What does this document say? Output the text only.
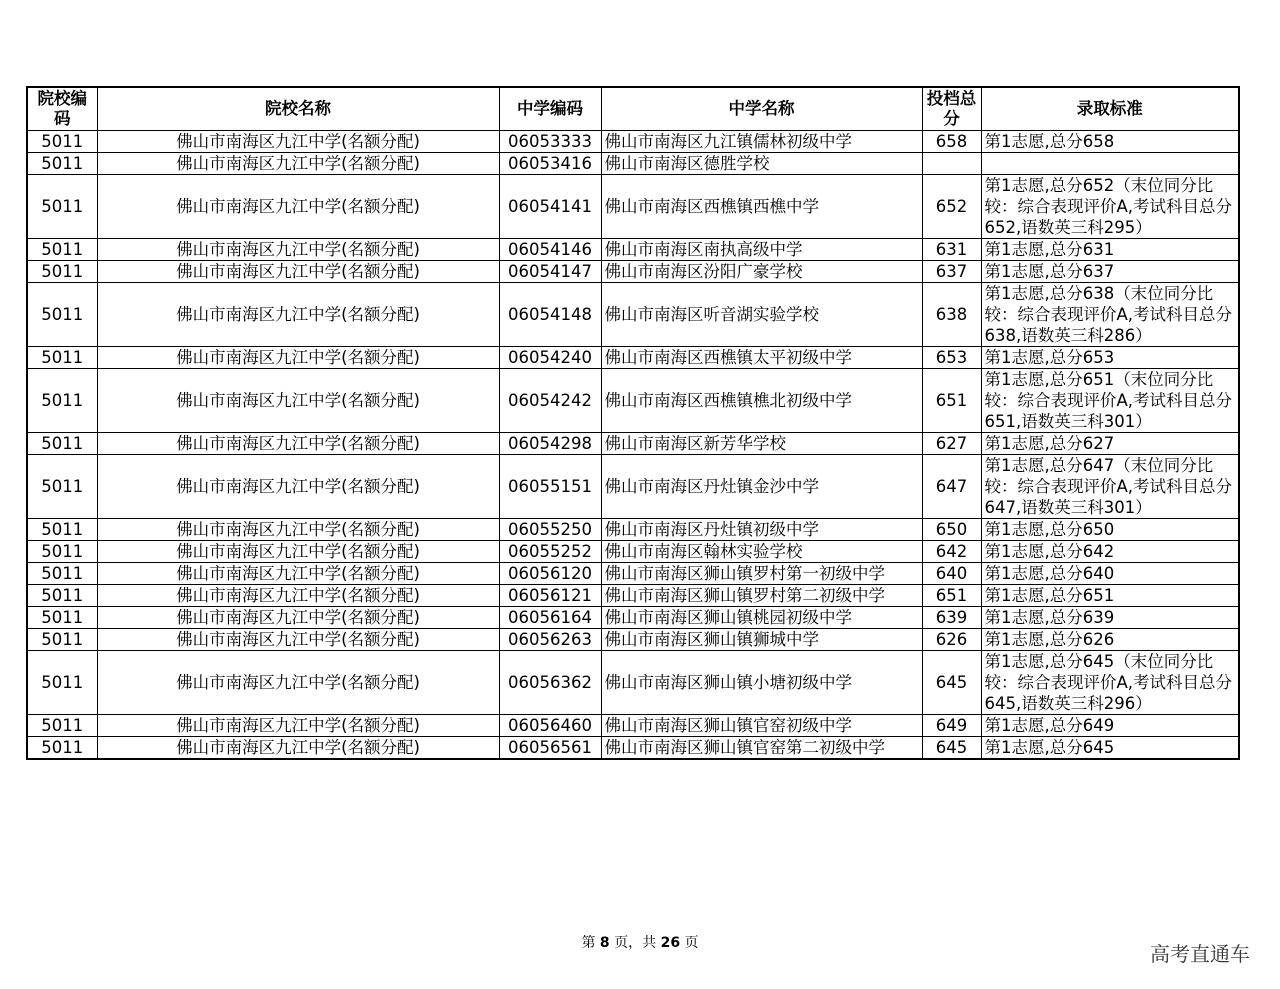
院校编码	院校名称	中学编码	中学名称	投档总分	录取标准
5011	佛山市南海区九江中学(名额分配)	06053333	佛山市南海区九江镇儒林初级中学	658	第1志愿,总分658
5011	佛山市南海区九江中学(名额分配)	06053416	佛山市南海区德胜学校		
5011	佛山市南海区九江中学(名额分配)	06054141	佛山市南海区西樵镇西樵中学	652	第1志愿,总分652（末位同分比较：综合表现评价A,考试科目总分652,语数英三科295）
5011	佛山市南海区九江中学(名额分配)	06054146	佛山市南海区南执高级中学	631	第1志愿,总分631
5011	佛山市南海区九江中学(名额分配)	06054147	佛山市南海区汾阳广豪学校	637	第1志愿,总分637
5011	佛山市南海区九江中学(名额分配)	06054148	佛山市南海区听音湖实验学校	638	第1志愿,总分638（末位同分比较：综合表现评价A,考试科目总分638,语数英三科286）
5011	佛山市南海区九江中学(名额分配)	06054240	佛山市南海区西樵镇太平初级中学	653	第1志愿,总分653
5011	佛山市南海区九江中学(名额分配)	06054242	佛山市南海区西樵镇樵北初级中学	651	第1志愿,总分651（末位同分比较：综合表现评价A,考试科目总分651,语数英三科301）
5011	佛山市南海区九江中学(名额分配)	06054298	佛山市南海区新芳华学校	627	第1志愿,总分627
5011	佛山市南海区九江中学(名额分配)	06055151	佛山市南海区丹灶镇金沙中学	647	第1志愿,总分647（末位同分比较：综合表现评价A,考试科目总分647,语数英三科301）
5011	佛山市南海区九江中学(名额分配)	06055250	佛山市南海区丹灶镇初级中学	650	第1志愿,总分650
5011	佛山市南海区九江中学(名额分配)	06055252	佛山市南海区翰林实验学校	642	第1志愿,总分642
5011	佛山市南海区九江中学(名额分配)	06056120	佛山市南海区狮山镇罗村第一初级中学	640	第1志愿,总分640
5011	佛山市南海区九江中学(名额分配)	06056121	佛山市南海区狮山镇罗村第二初级中学	651	第1志愿,总分651
5011	佛山市南海区九江中学(名额分配)	06056164	佛山市南海区狮山镇桃园初级中学	639	第1志愿,总分639
5011	佛山市南海区九江中学(名额分配)	06056263	佛山市南海区狮山镇狮城中学	626	第1志愿,总分626
5011	佛山市南海区九江中学(名额分配)	06056362	佛山市南海区狮山镇小塘初级中学	645	第1志愿,总分645（末位同分比较：综合表现评价A,考试科目总分645,语数英三科296）
5011	佛山市南海区九江中学(名额分配)	06056460	佛山市南海区狮山镇官窑初级中学	649	第1志愿,总分649
5011	佛山市南海区九江中学(名额分配)	06056561	佛山市南海区狮山镇官窑第二初级中学	645	第1志愿,总分645
第 8 页，共 26 页	高考直通车
